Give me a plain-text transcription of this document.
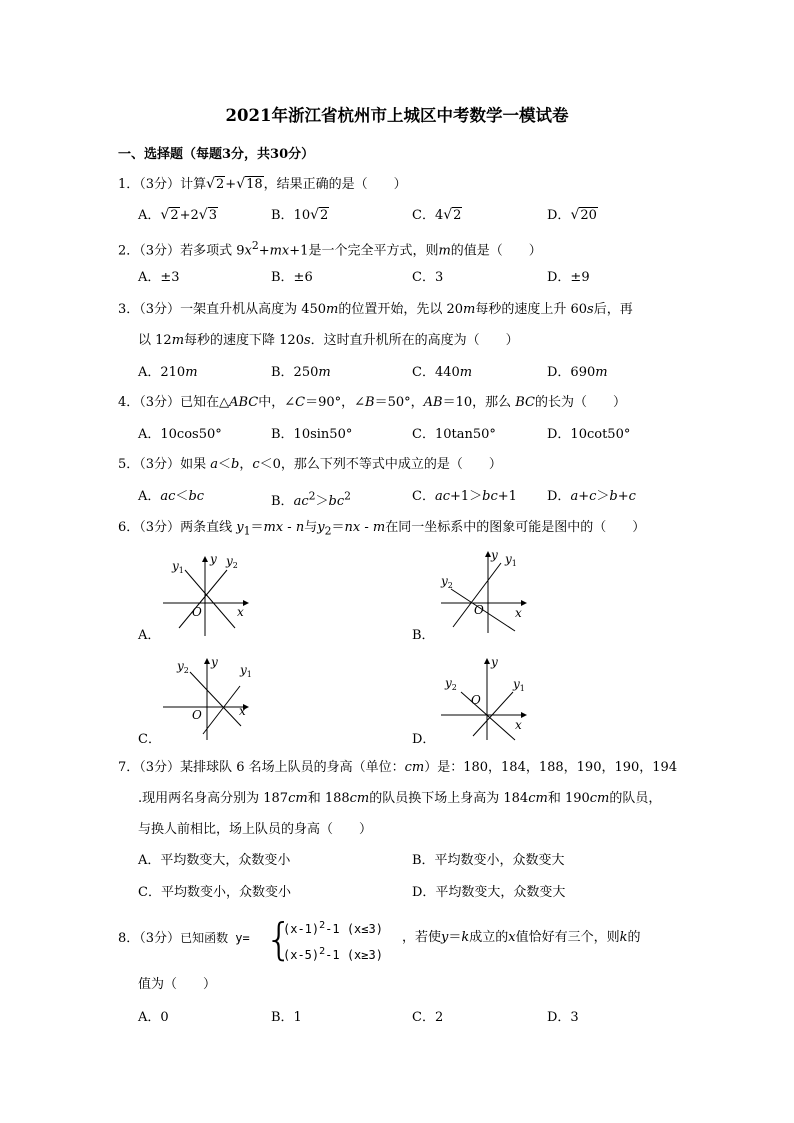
2021年浙江省杭州市上城区中考数学一模试卷
一、选择题（每题3分，共30分）
1．（3分）计算√2+√18，结果正确的是（　　）
A．√2+2√3	B．10√2	C．4√2	D．√20
2．（3分）若多项式 $9x^2+mx+1$是一个完全平方式，则m的值是（　　）
A．±3	B．±6	C．3	D．±9
3．（3分）一架直升机从高度为 450m的位置开始，先以 20m每秒的速度上升 60s后，再
以 12m每秒的速度下降 120s．这时直升机所在的高度为（　　）
A．210m	B．250m	C．440m	D．690m
4．（3分）已知在△ABC中，∠C＝90°，∠B＝50°，AB＝10，那么 BC的长为（　　）
A．10cos50°	B．10sin50°	C．10tan50°	D．10cot50°
5．（3分）如果 a＜b，c＜0，那么下列不等式中成立的是（　　）
A．ac＜bc	B．$ac^2>bc^2$	C．ac+1＞bc+1 D．a+c＞b+c
6．（3分）两条直线 $y_1=mx - n$与$y_2=nx - m$在同一坐标系中的图象可能是图中的（　　）
$y_1$
y $y_2$
O	x
A．
$y_1$
y
$y_2$
O	x
B．
$y_2$
y
$y_1$
O	x
C．
$y_2$
y
$y_1$
O
x
D．
7．（3分）某排球队 6 名场上队员的身高（单位：cm）是：180，184，188，190，190，194
.现用两名身高分别为 187cm和 188cm的队员换下场上身高为 184cm和 190cm的队员，
与换人前相比，场上队员的身高（　　）
A．平均数变大，众数变小	B．平均数变小，众数变大
C．平均数变小，众数变小	D．平均数变大，众数变大
8．（3分）已知函数 y= {
$(x-1)^2-1$ (x≤3)
$(x-5)^2-1$ (x≥3)
，若使y＝k成立的x值恰好有三个，则k的
值为（　　）
A．0	B．1	C．2	D．3
